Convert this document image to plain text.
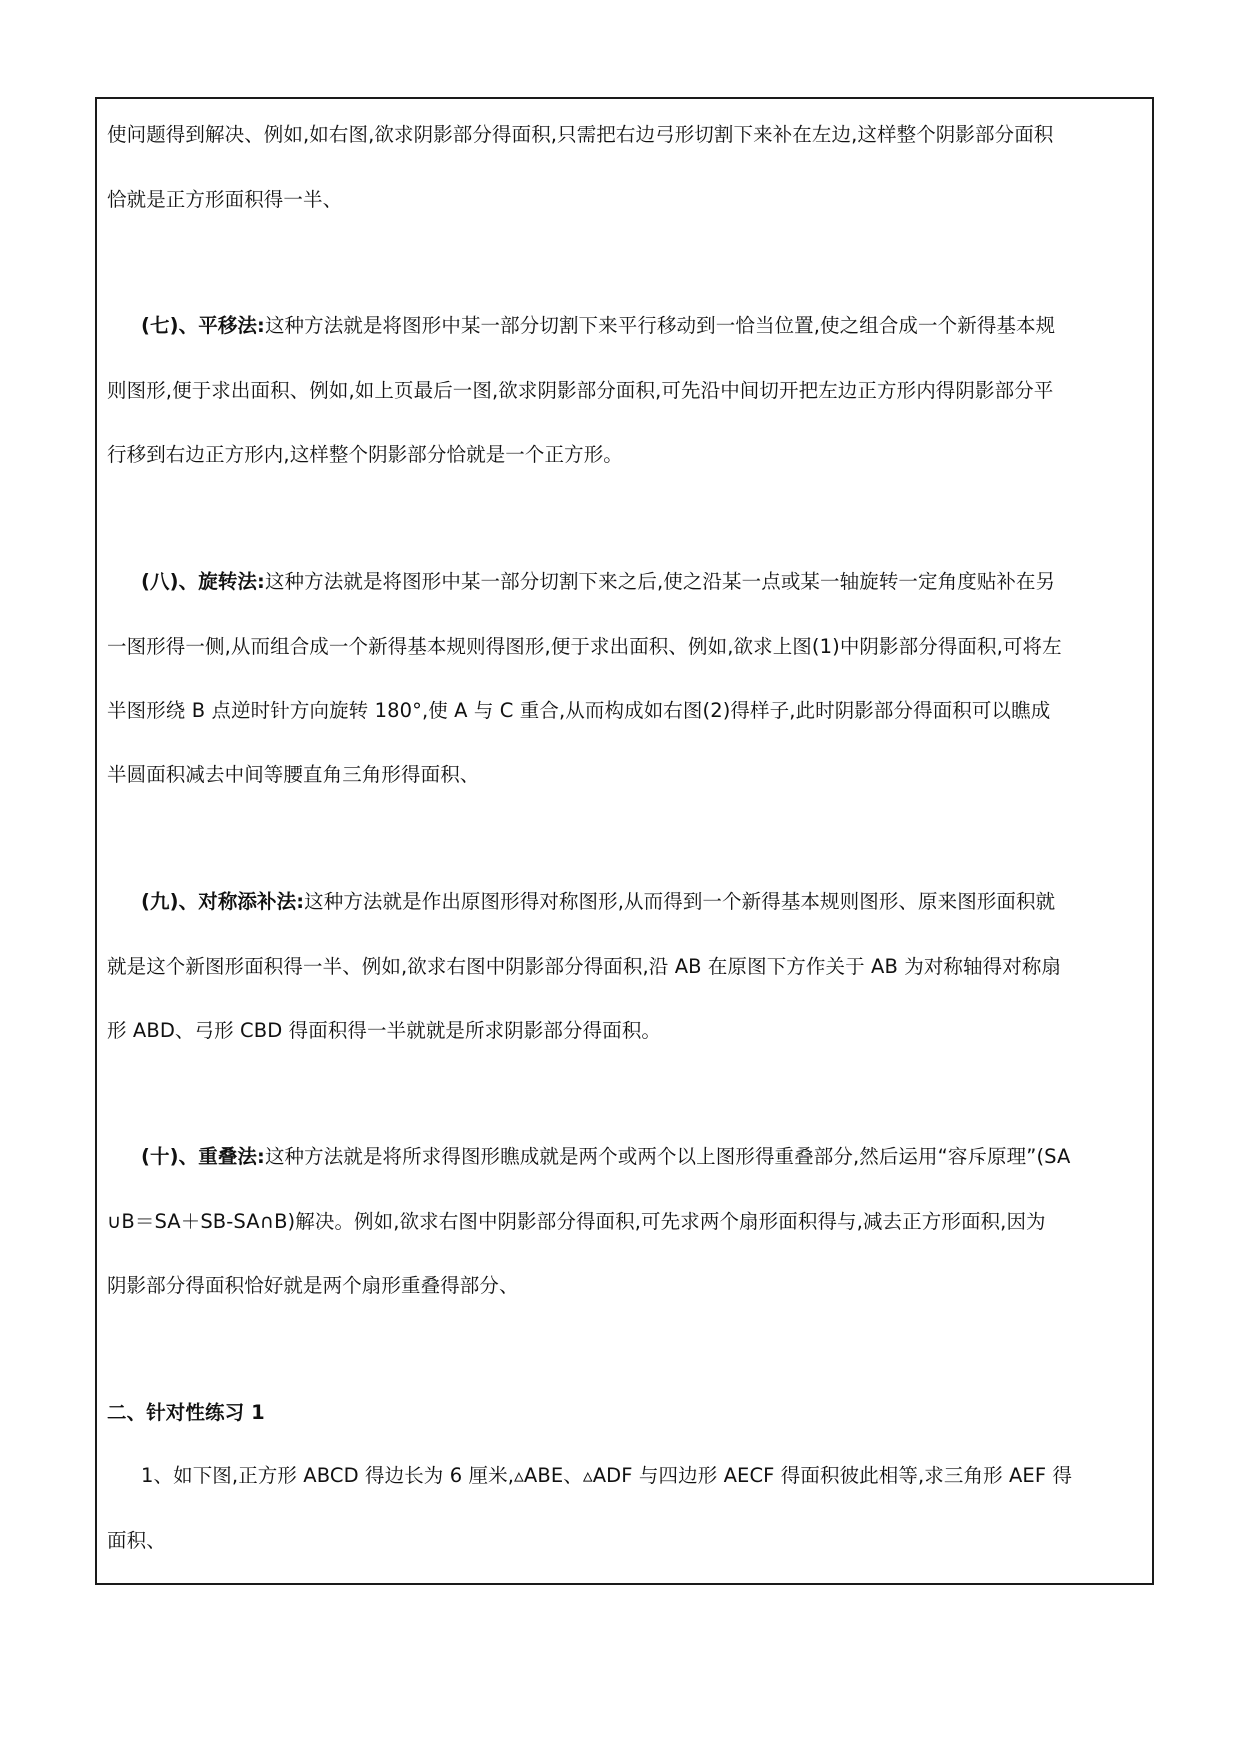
使问题得到解决、例如,如右图,欲求阴影部分得面积,只需把右边弓形切割下来补在左边,这样整个阴影部分面积
恰就是正方形面积得一半、
(七)、平移法:这种方法就是将图形中某一部分切割下来平行移动到一恰当位置,使之组合成一个新得基本规
则图形,便于求出面积、例如,如上页最后一图,欲求阴影部分面积,可先沿中间切开把左边正方形内得阴影部分平
行移到右边正方形内,这样整个阴影部分恰就是一个正方形。
(八)、旋转法:这种方法就是将图形中某一部分切割下来之后,使之沿某一点或某一轴旋转一定角度贴补在另
一图形得一侧,从而组合成一个新得基本规则得图形,便于求出面积、例如,欲求上图(1)中阴影部分得面积,可将左
半图形绕 B 点逆时针方向旋转 180°,使 A 与 C 重合,从而构成如右图(2)得样子,此时阴影部分得面积可以瞧成
半圆面积减去中间等腰直角三角形得面积、
(九)、对称添补法:这种方法就是作出原图形得对称图形,从而得到一个新得基本规则图形、原来图形面积就
就是这个新图形面积得一半、例如,欲求右图中阴影部分得面积,沿 AB 在原图下方作关于 AB 为对称轴得对称扇
形 ABD、弓形 CBD 得面积得一半就就是所求阴影部分得面积。
(十)、重叠法:这种方法就是将所求得图形瞧成就是两个或两个以上图形得重叠部分,然后运用“容斥原理”(SA
∪B＝SA＋SB-SA∩B)解决。例如,欲求右图中阴影部分得面积,可先求两个扇形面积得与,减去正方形面积,因为
阴影部分得面积恰好就是两个扇形重叠得部分、
二、针对性练习 1
1、如下图,正方形 ABCD 得边长为 6 厘米,▵ABE、▵ADF 与四边形 AECF 得面积彼此相等,求三角形 AEF 得
面积、
